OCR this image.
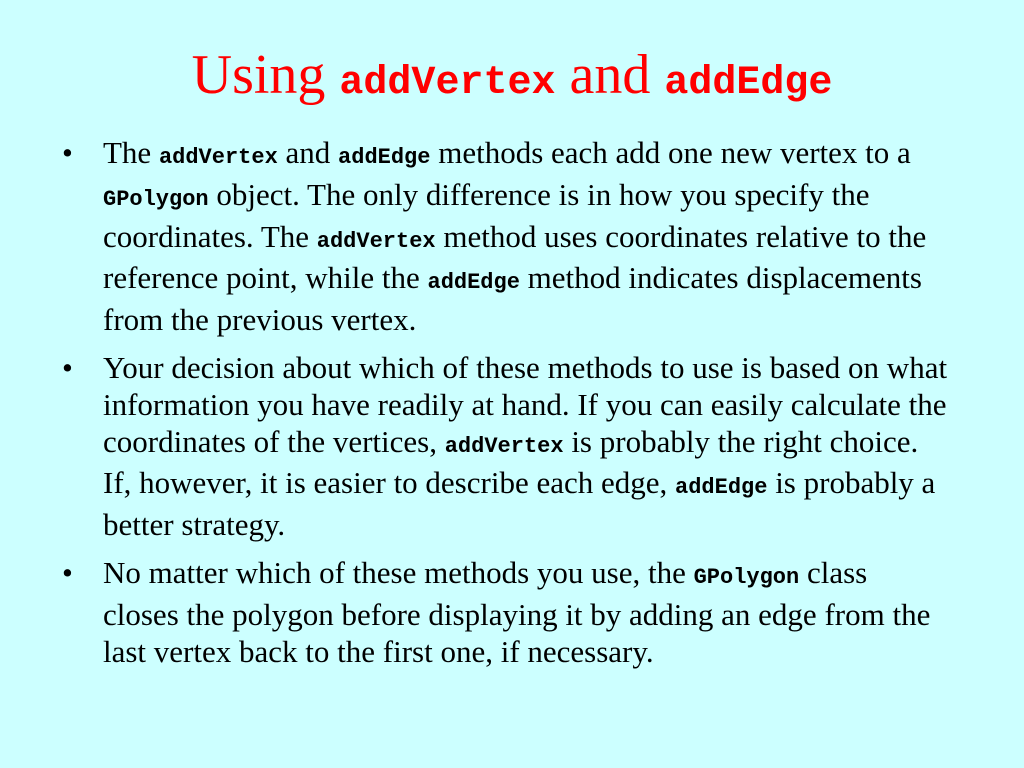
Using addVertex and addEdge
• The addVertex and addEdge methods each add one new vertex to a GPolygon object. The only difference is in how you specify the coordinates. The addVertex method uses coordinates relative to the reference point, while the addEdge method indicates displacements from the previous vertex.
• Your decision about which of these methods to use is based on what information you have readily at hand. If you can easily calculate the coordinates of the vertices, addVertex is probably the right choice. If, however, it is easier to describe each edge, addEdge is probably a better strategy.
• No matter which of these methods you use, the GPolygon class closes the polygon before displaying it by adding an edge from the last vertex back to the first one, if necessary.
